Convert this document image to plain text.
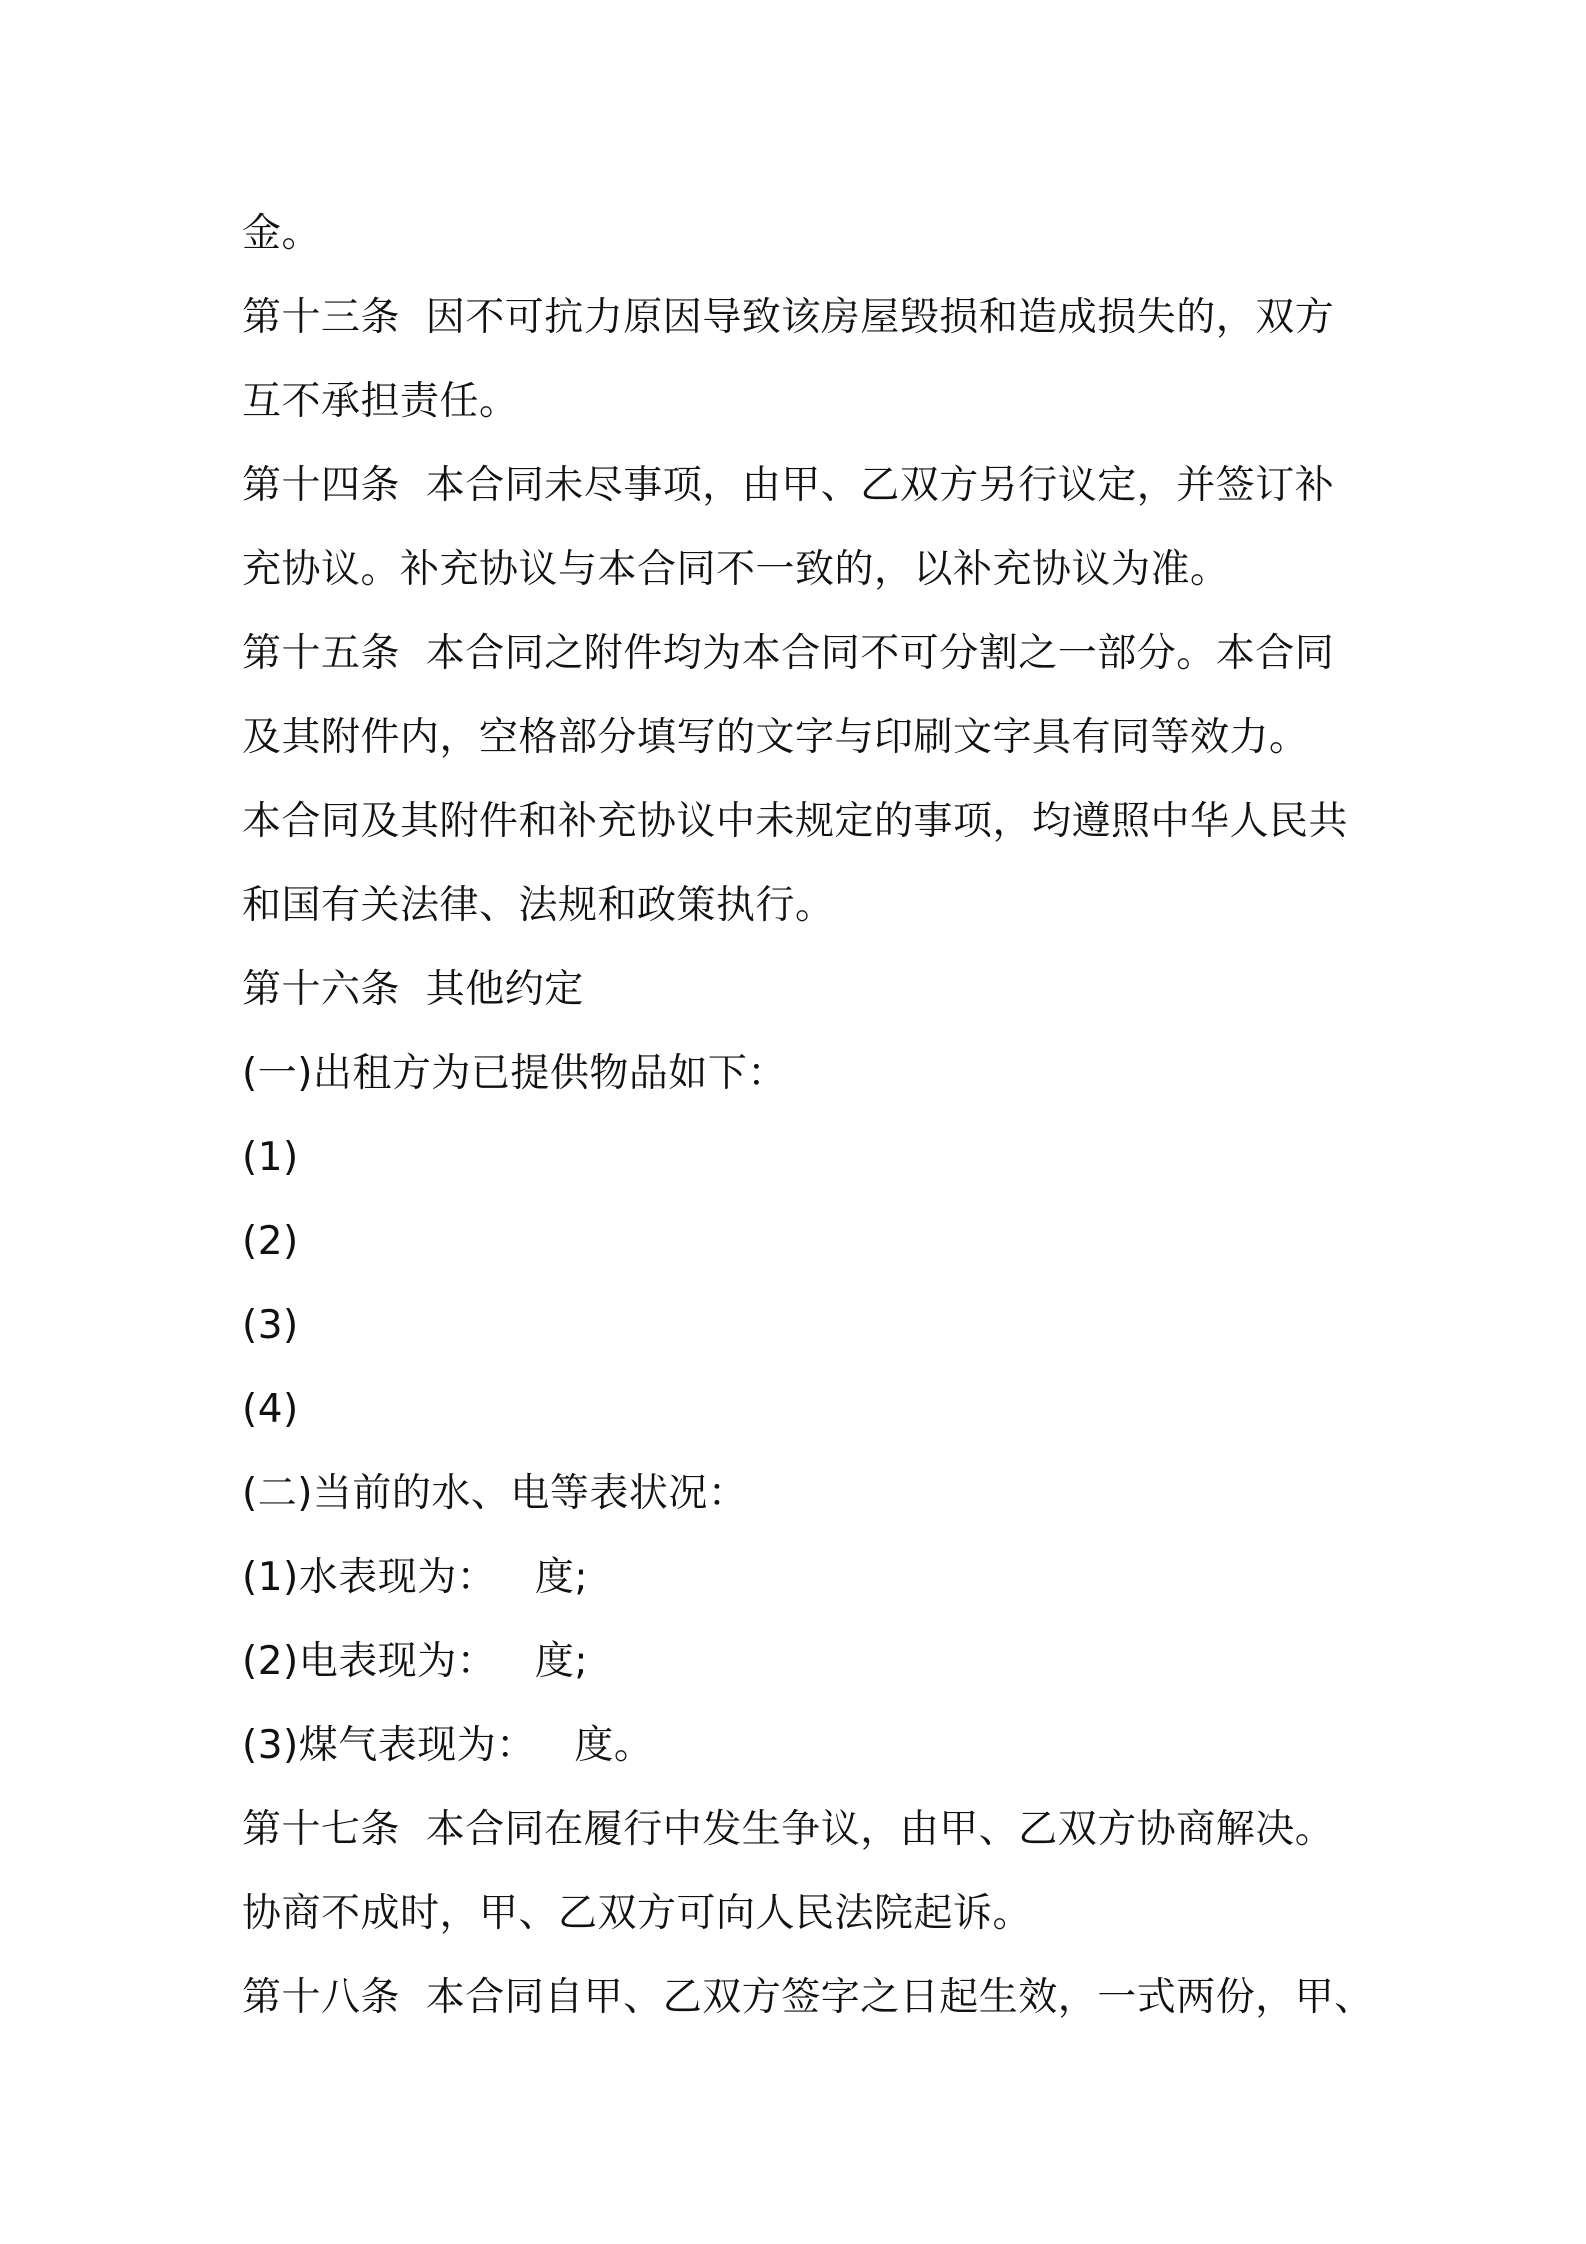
金。
第十三条  因不可抗力原因导致该房屋毁损和造成损失的，双方
互不承担责任。
第十四条  本合同未尽事项，由甲、乙双方另行议定，并签订补
充协议。补充协议与本合同不一致的，以补充协议为准。
第十五条  本合同之附件均为本合同不可分割之一部分。本合同
及其附件内，空格部分填写的文字与印刷文字具有同等效力。
本合同及其附件和补充协议中未规定的事项，均遵照中华人民共
和国有关法律、法规和政策执行。
第十六条  其他约定
(一)出租方为已提供物品如下：
(1)
(2)
(3)
(4)
(二)当前的水、电等表状况：
(1)水表现为：   度;
(2)电表现为：   度;
(3)煤气表现为：   度。
第十七条  本合同在履行中发生争议，由甲、乙双方协商解决。
协商不成时，甲、乙双方可向人民法院起诉。
第十八条  本合同自甲、乙双方签字之日起生效，一式两份，甲、
